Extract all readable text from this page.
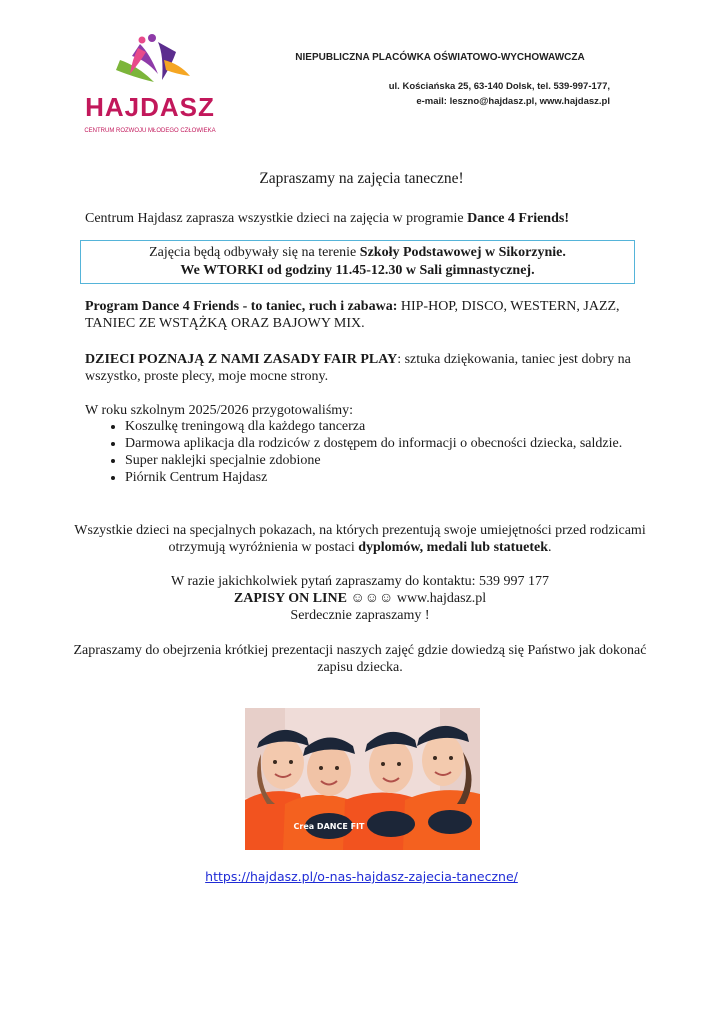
HAJDASZ
CENTRUM ROZWOJU MŁODEGO CZŁOWIEKA
NIEPUBLICZNA PLACÓWKA OŚWIATOWO-WYCHOWAWCZA
ul. Kościańska 25, 63-140 Dolsk, tel. 539-997-177,
e-mail: leszno@hajdasz.pl, www.hajdasz.pl
Zapraszamy na zajęcia taneczne!
Centrum Hajdasz zaprasza wszystkie dzieci na zajęcia w programie Dance 4 Friends!
Zajęcia będą odbywały się na terenie Szkoły Podstawowej w Sikorzynie.
We WTORKI od godziny 11.45-12.30 w Sali gimnastycznej.
Program Dance 4 Friends - to taniec, ruch i zabawa: HIP-HOP, DISCO, WESTERN, JAZZ, TANIEC ZE WSTĄŻKĄ ORAZ BAJOWY MIX.
DZIECI POZNAJĄ Z NAMI ZASADY FAIR PLAY: sztuka dziękowania, taniec jest dobry na wszystko, proste plecy, moje mocne strony.
W roku szkolnym 2025/2026 przygotowaliśmy:
• Koszulkę treningową dla każdego tancerza
• Darmowa aplikacja dla rodziców z dostępem do informacji o obecności dziecka, saldzie.
• Super naklejki specjalnie zdobione
• Piórnik Centrum Hajdasz
Wszystkie dzieci na specjalnych pokazach, na których prezentują swoje umiejętności przed rodzicami otrzymują wyróżnienia w postaci dyplomów, medali lub statuetek.
W razie jakichkolwiek pytań zapraszamy do kontaktu: 539 997 177
ZAPISY ON LINE ☺☺☺ www.hajdasz.pl
Serdecznie zapraszamy !
Zapraszamy do obejrzenia krótkiej prezentacji naszych zajęć gdzie dowiedzą się Państwo jak dokonać zapisu dziecka.
Crea DANCE FIT
https://hajdasz.pl/o-nas-hajdasz-zajecia-taneczne/
